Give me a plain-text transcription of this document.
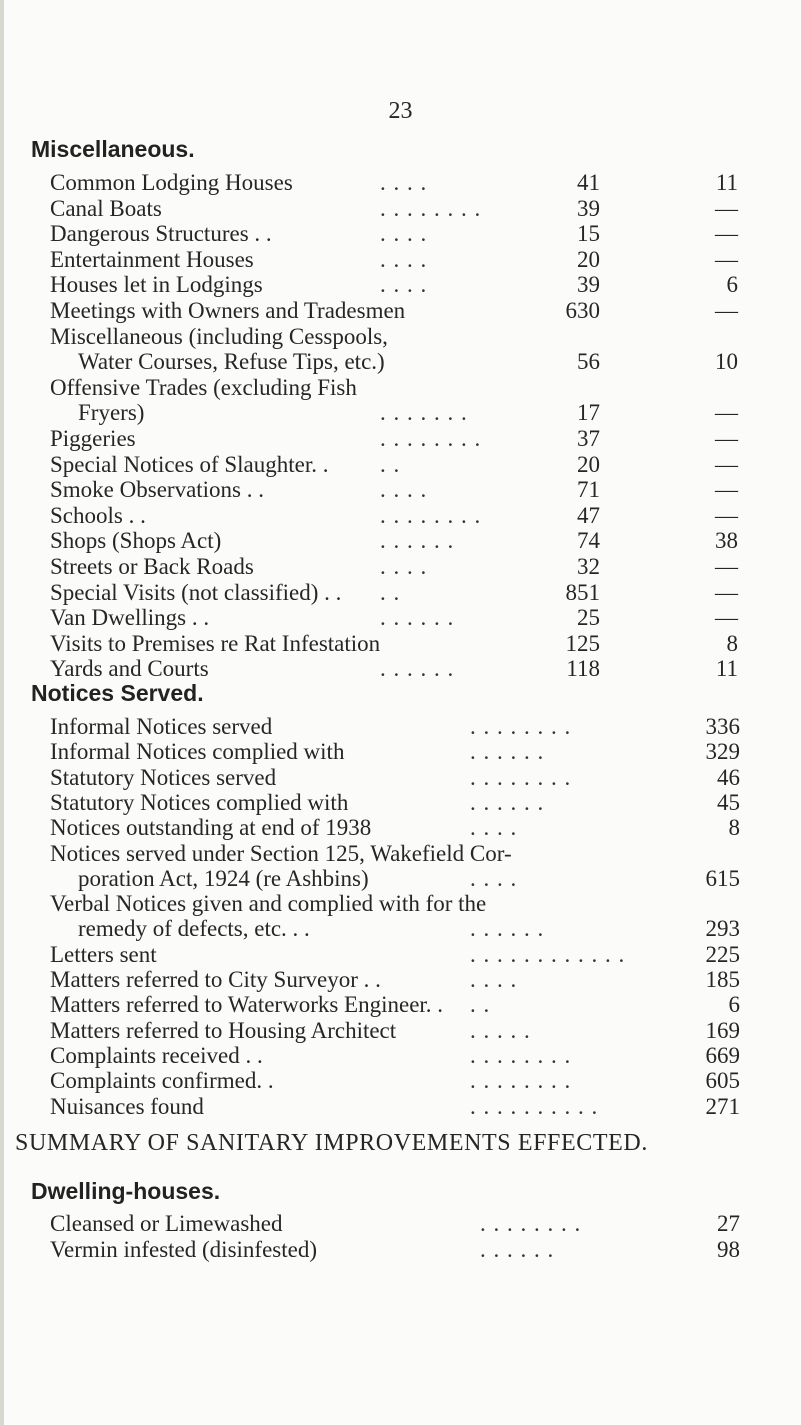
23
Miscellaneous.
Common Lodging Houses	. . . .	41	11
Canal Boats	. . . . . . . .	39	—
Dangerous Structures . .	. . . .	15	—
Entertainment Houses	. . . .	20	—
Houses let in Lodgings	. . . .	39	6
Meetings with Owners and Tradesmen	630	—
Miscellaneous (including Cesspools,
Water Courses, Refuse Tips, etc.)	56	10
Offensive Trades (excluding Fish
Fryers)	. . . . . . .	17	—
Piggeries	. . . . . . . .	37	—
Special Notices of Slaughter. . . .	20	—
Smoke Observations . .	. . . .	71	—
Schools . .	. . . . . . . .	47	—
Shops (Shops Act)	. . . . . .	74	38
Streets or Back Roads	. . . .	32	—
Special Visits (not classified) . . . .	851	—
Van Dwellings . .	. . . . . .	25	—
Visits to Premises re Rat Infestation	125	8
Yards and Courts	. . . . . .	118	11
Notices Served.
Informal Notices served	. . . . . . . .	336
Informal Notices complied with	. . . . . .	329
Statutory Notices served	. . . . . . . .	46
Statutory Notices complied with	. . . . . .	45
Notices outstanding at end of 1938	. . . .	8
Notices served under Section 125, Wakefield Cor-
poration Act, 1924 (re Ashbins)	. . . .	615
Verbal Notices given and complied with for the
remedy of defects, etc. . .	. . . . . .	293
Letters sent	. . . . . . . . . . . .	225
Matters referred to City Surveyor . .	. . . .	185
Matters referred to Waterworks Engineer. . . .	6
Matters referred to Housing Architect	. . . . .	169
Complaints received . .	. . . . . . . .	669
Complaints confirmed. .	. . . . . . . .	605
Nuisances found	. . . . . . . . . .	271
SUMMARY OF SANITARY IMPROVEMENTS EFFECTED.
Dwelling-houses.
Cleansed or Limewashed	. . . . . . . .	27
Vermin infested (disinfested)	. . . . . .	98
